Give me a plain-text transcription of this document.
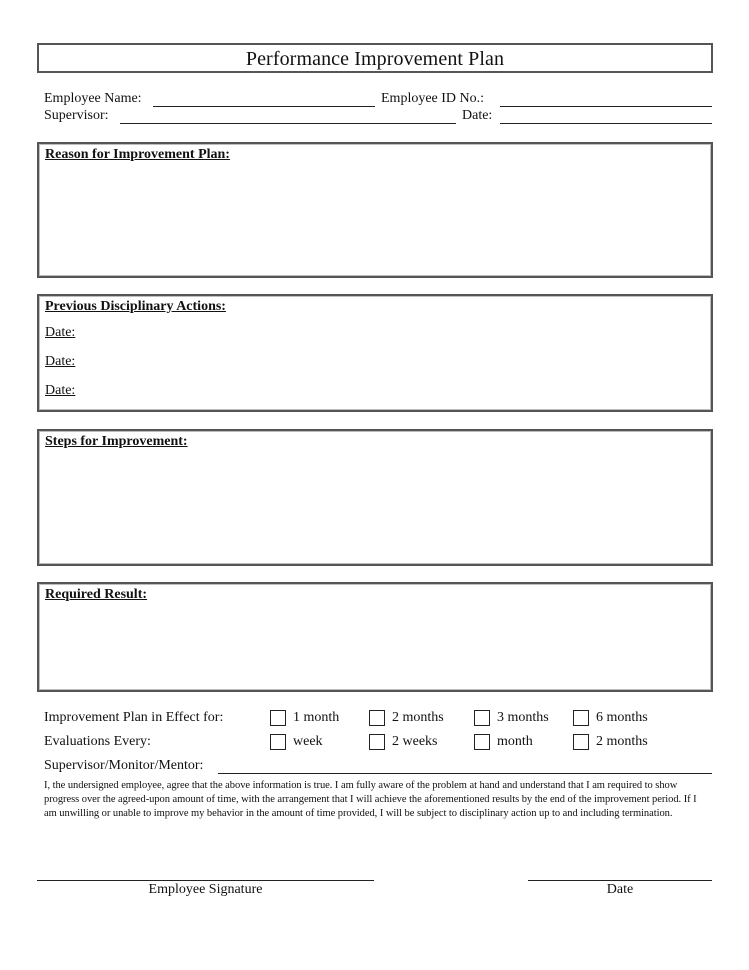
Performance Improvement Plan
Employee Name:	Employee ID No.:
Supervisor:	Date:
Reason for Improvement Plan:
Previous Disciplinary Actions:
Date:
Date:
Date:
Steps for Improvement:
Required Result:
Improvement Plan in Effect for:	1 month	2 months	3 months	6 months
Evaluations Every:	week	2 weeks	month	2 months
Supervisor/Monitor/Mentor:
I, the undersigned employee, agree that the above information is true. I am fully aware of the problem at hand and understand that I am required to show progress over the agreed-upon amount of time, with the arrangement that I will achieve the aforementioned results by the end of the improvement period. If I am unwilling or unable to improve my behavior in the amount of time provided, I will be subject to disciplinary action up to and including termination.
Employee Signature	Date
